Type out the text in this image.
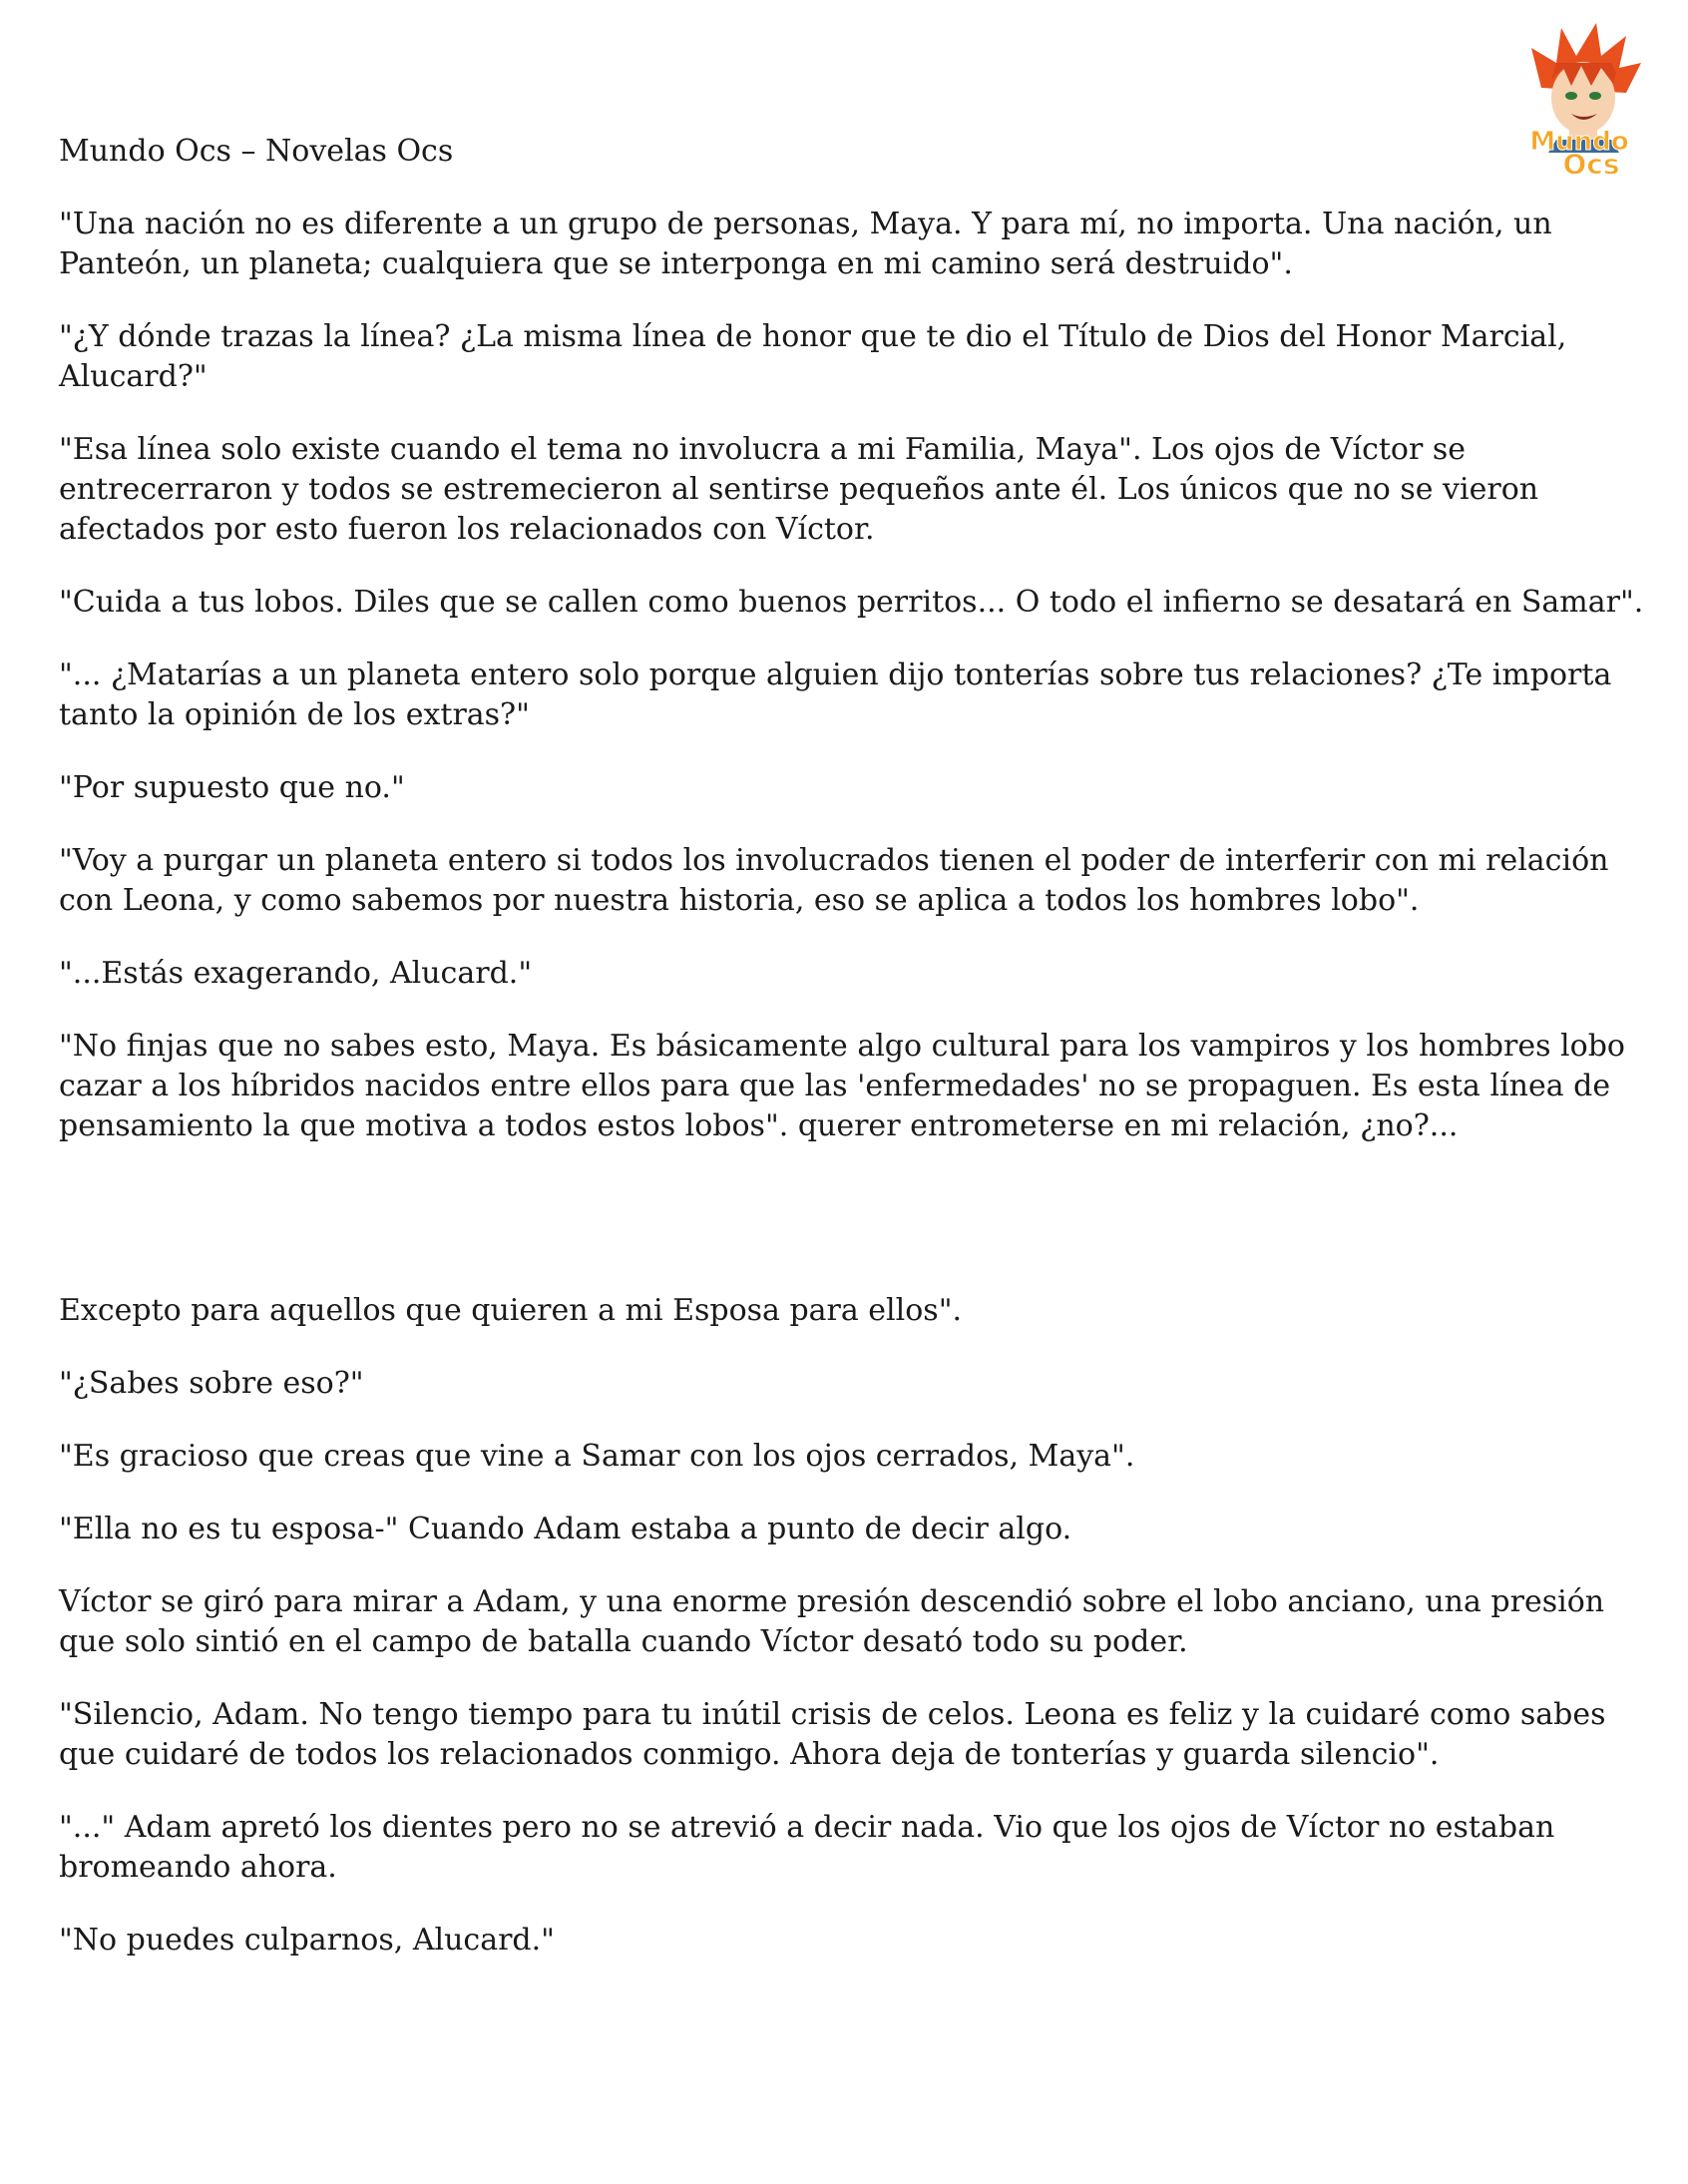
Mundo
Ocs
Mundo Ocs – Novelas Ocs

"Una nación no es diferente a un grupo de personas, Maya. Y para mí, no importa. Una nación, un Panteón, un planeta; cualquiera que se interponga en mi camino será destruido".

"¿Y dónde trazas la línea? ¿La misma línea de honor que te dio el Título de Dios del Honor Marcial, Alucard?"

"Esa línea solo existe cuando el tema no involucra a mi Familia, Maya". Los ojos de Víctor se entrecerraron y todos se estremecieron al sentirse pequeños ante él. Los únicos que no se vieron afectados por esto fueron los relacionados con Víctor.

"Cuida a tus lobos. Diles que se callen como buenos perritos... O todo el infierno se desatará en Samar".

"... ¿Matarías a un planeta entero solo porque alguien dijo tonterías sobre tus relaciones? ¿Te importa tanto la opinión de los extras?"

"Por supuesto que no."

"Voy a purgar un planeta entero si todos los involucrados tienen el poder de interferir con mi relación con Leona, y como sabemos por nuestra historia, eso se aplica a todos los hombres lobo".

"...Estás exagerando, Alucard."

"No finjas que no sabes esto, Maya. Es básicamente algo cultural para los vampiros y los hombres lobo cazar a los híbridos nacidos entre ellos para que las 'enfermedades' no se propaguen. Es esta línea de pensamiento la que motiva a todos estos lobos". querer entrometerse en mi relación, ¿no?...

Excepto para aquellos que quieren a mi Esposa para ellos".

"¿Sabes sobre eso?"

"Es gracioso que creas que vine a Samar con los ojos cerrados, Maya".

"Ella no es tu esposa-" Cuando Adam estaba a punto de decir algo.

Víctor se giró para mirar a Adam, y una enorme presión descendió sobre el lobo anciano, una presión que solo sintió en el campo de batalla cuando Víctor desató todo su poder.

"Silencio, Adam. No tengo tiempo para tu inútil crisis de celos. Leona es feliz y la cuidaré como sabes que cuidaré de todos los relacionados conmigo. Ahora deja de tonterías y guarda silencio".

"..." Adam apretó los dientes pero no se atrevió a decir nada. Vio que los ojos de Víctor no estaban bromeando ahora.

"No puedes culparnos, Alucard."
